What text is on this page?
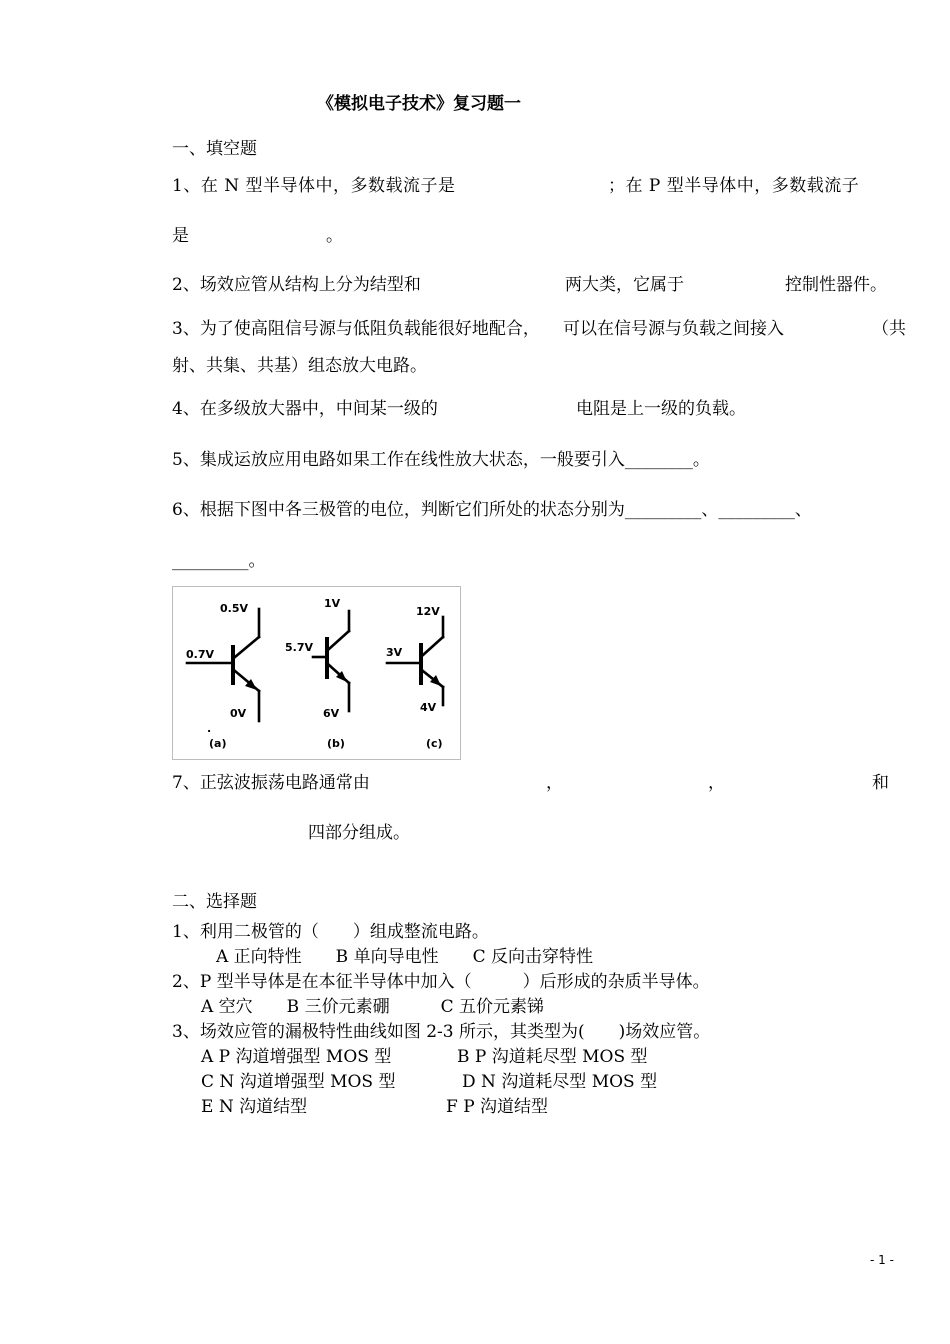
《模拟电子技术》复习题一
一、填空题
1、在 N 型半导体中，多数载流子是	；在 P 型半导体中，多数载流子
是	。
2、场效应管从结构上分为结型和	两大类，它属于	控制性器件。
3、为了使高阻信号源与低阻负载能很好地配合， 可以在信号源与负载之间接入	（共
射、共集、共基）组态放大电路。
4、在多级放大器中，中间某一级的	电阻是上一级的负载。
5、集成运放应用电路如果工作在线性放大状态，一般要引入________。
6、根据下图中各三极管的电位，判断它们所处的状态分别为_________、_________、
_________。
0.5V
0.7V
0V
(a)
.
1V
5.7V
6V
(b)
12V
3V
4V
(c)
7、正弦波振荡电路通常由	，	，	和
四部分组成。
二、选择题
1、利用二极管的（　　）组成整流电路。
A 正向特性　　B 单向导电性　　C 反向击穿特性
2、P 型半导体是在本征半导体中加入（　　　）后形成的杂质半导体。
A 空穴　　B 三价元素硼　　　C 五价元素锑
3、场效应管的漏极特性曲线如图 2-3 所示，其类型为(　　)场效应管。
A P 沟道增强型 MOS 型	B P 沟道耗尽型 MOS 型
C N 沟道增强型 MOS 型	D N 沟道耗尽型 MOS 型
E N 沟道结型	F P 沟道结型
- 1 -
